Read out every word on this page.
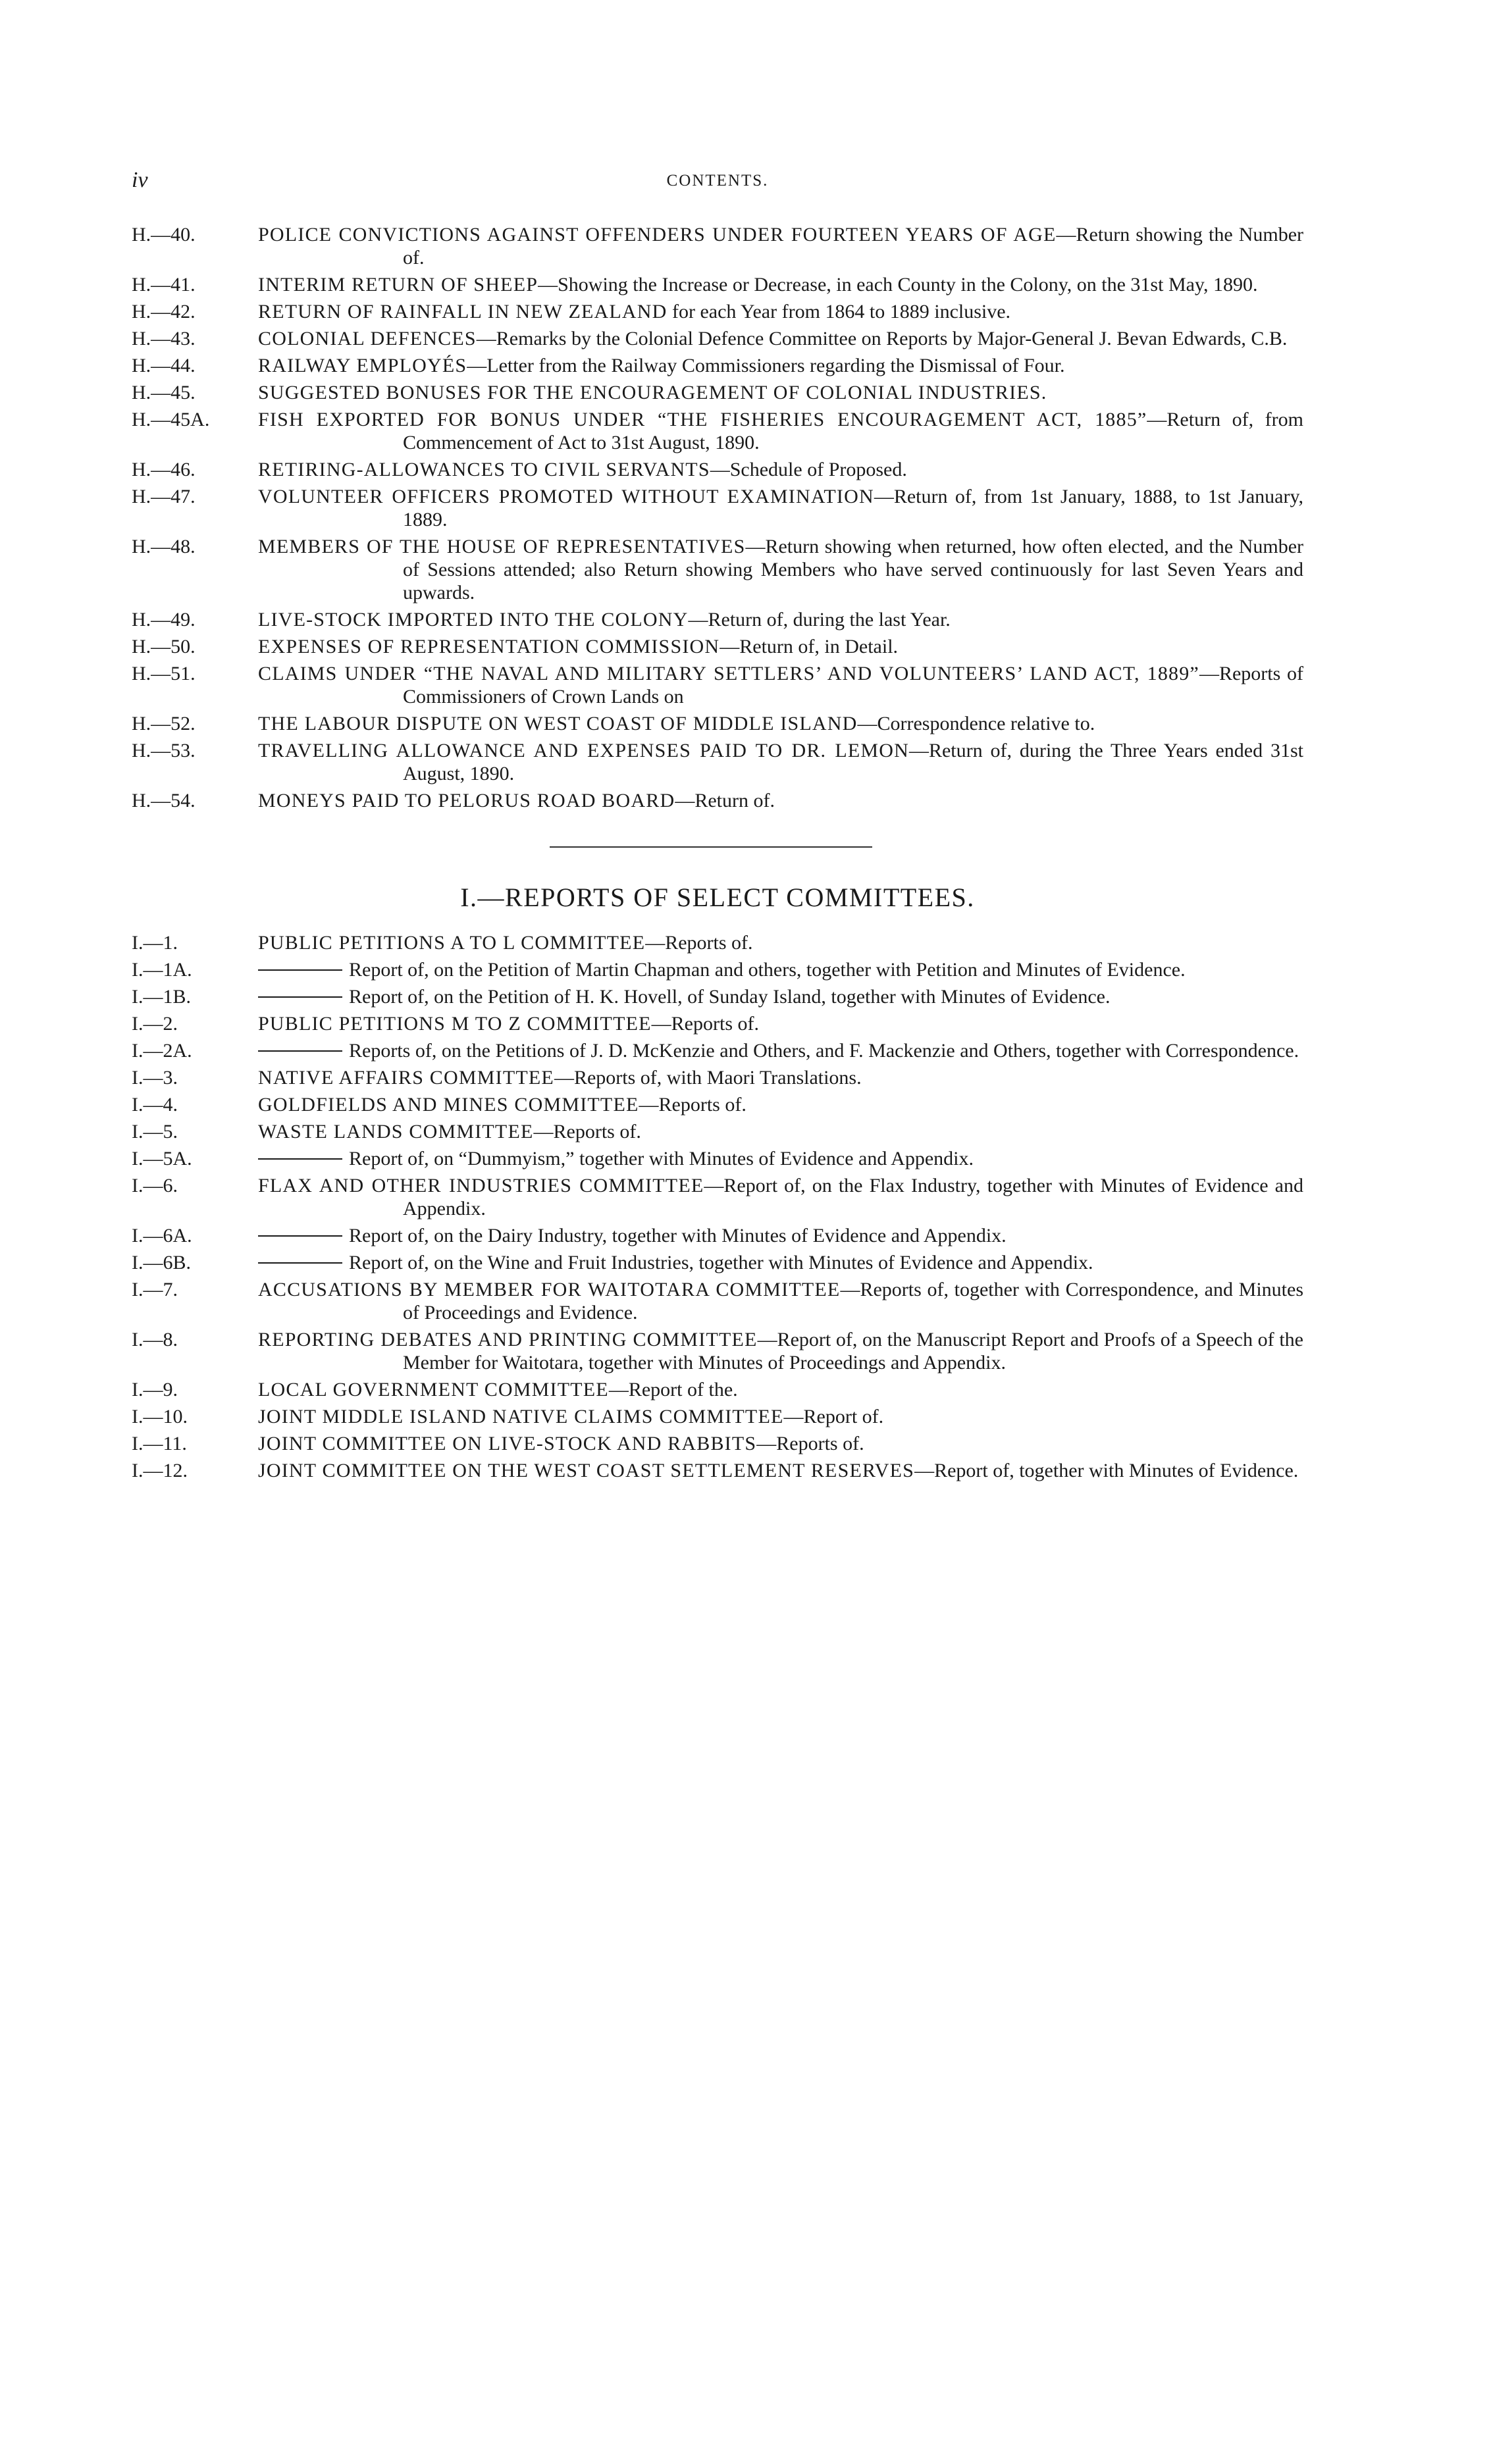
iv	CONTENTS.
H.—40.	POLICE CONVICTIONS AGAINST OFFENDERS UNDER FOURTEEN YEARS OF AGE—Return showing the Number of.
H.—41.	INTERIM RETURN OF SHEEP—Showing the Increase or Decrease, in each County in the Colony, on the 31st May, 1890.
H.—42.	RETURN OF RAINFALL IN NEW ZEALAND for each Year from 1864 to 1889 inclusive.
H.—43.	COLONIAL DEFENCES—Remarks by the Colonial Defence Committee on Reports by Major-General J. Bevan Edwards, C.B.
H.—44.	RAILWAY EMPLOYÉS—Letter from the Railway Commissioners regarding the Dismissal of Four.
H.—45.	SUGGESTED BONUSES FOR THE ENCOURAGEMENT OF COLONIAL INDUSTRIES.
H.—45A.	FISH EXPORTED FOR BONUS UNDER “THE FISHERIES ENCOURAGEMENT ACT, 1885”—Return of, from Commencement of Act to 31st August, 1890.
H.—46.	RETIRING-ALLOWANCES TO CIVIL SERVANTS—Schedule of Proposed.
H.—47.	VOLUNTEER OFFICERS PROMOTED WITHOUT EXAMINATION—Return of, from 1st January, 1888, to 1st January, 1889.
H.—48.	MEMBERS OF THE HOUSE OF REPRESENTATIVES—Return showing when returned, how often elected, and the Number of Sessions attended; also Return showing Members who have served continuously for last Seven Years and upwards.
H.—49.	LIVE-STOCK IMPORTED INTO THE COLONY—Return of, during the last Year.
H.—50.	EXPENSES OF REPRESENTATION COMMISSION—Return of, in Detail.
H.—51.	CLAIMS UNDER “THE NAVAL AND MILITARY SETTLERS’ AND VOLUNTEERS’ LAND ACT, 1889”—Reports of Commissioners of Crown Lands on
H.—52.	THE LABOUR DISPUTE ON WEST COAST OF MIDDLE ISLAND—Correspondence relative to.
H.—53.	TRAVELLING ALLOWANCE AND EXPENSES PAID TO DR. LEMON—Return of, during the Three Years ended 31st August, 1890.
H.—54.	MONEYS PAID TO PELORUS ROAD BOARD—Return of.
I.—REPORTS OF SELECT COMMITTEES.
I.—1.	PUBLIC PETITIONS A TO L COMMITTEE—Reports of.
I.—1A.	Report of, on the Petition of Martin Chapman and others, together with Petition and Minutes of Evidence.
I.—1B.	Report of, on the Petition of H. K. Hovell, of Sunday Island, together with Minutes of Evidence.
I.—2.	PUBLIC PETITIONS M TO Z COMMITTEE—Reports of.
I.—2A.	Reports of, on the Petitions of J. D. McKenzie and Others, and F. Mackenzie and Others, together with Correspondence.
I.—3.	NATIVE AFFAIRS COMMITTEE—Reports of, with Maori Translations.
I.—4.	GOLDFIELDS AND MINES COMMITTEE—Reports of.
I.—5.	WASTE LANDS COMMITTEE—Reports of.
I.—5A.	Report of, on “Dummyism,” together with Minutes of Evidence and Appendix.
I.—6.	FLAX AND OTHER INDUSTRIES COMMITTEE—Report of, on the Flax Industry, together with Minutes of Evidence and Appendix.
I.—6A.	Report of, on the Dairy Industry, together with Minutes of Evidence and Appendix.
I.—6B.	Report of, on the Wine and Fruit Industries, together with Minutes of Evidence and Appendix.
I.—7.	ACCUSATIONS BY MEMBER FOR WAITOTARA COMMITTEE—Reports of, together with Correspondence, and Minutes of Proceedings and Evidence.
I.—8.	REPORTING DEBATES AND PRINTING COMMITTEE—Report of, on the Manuscript Report and Proofs of a Speech of the Member for Waitotara, together with Minutes of Proceedings and Appendix.
I.—9.	LOCAL GOVERNMENT COMMITTEE—Report of the.
I.—10.	JOINT MIDDLE ISLAND NATIVE CLAIMS COMMITTEE—Report of.
I.—11.	JOINT COMMITTEE ON LIVE-STOCK AND RABBITS—Reports of.
I.—12.	JOINT COMMITTEE ON THE WEST COAST SETTLEMENT RESERVES—Report of, together with Minutes of Evidence.
